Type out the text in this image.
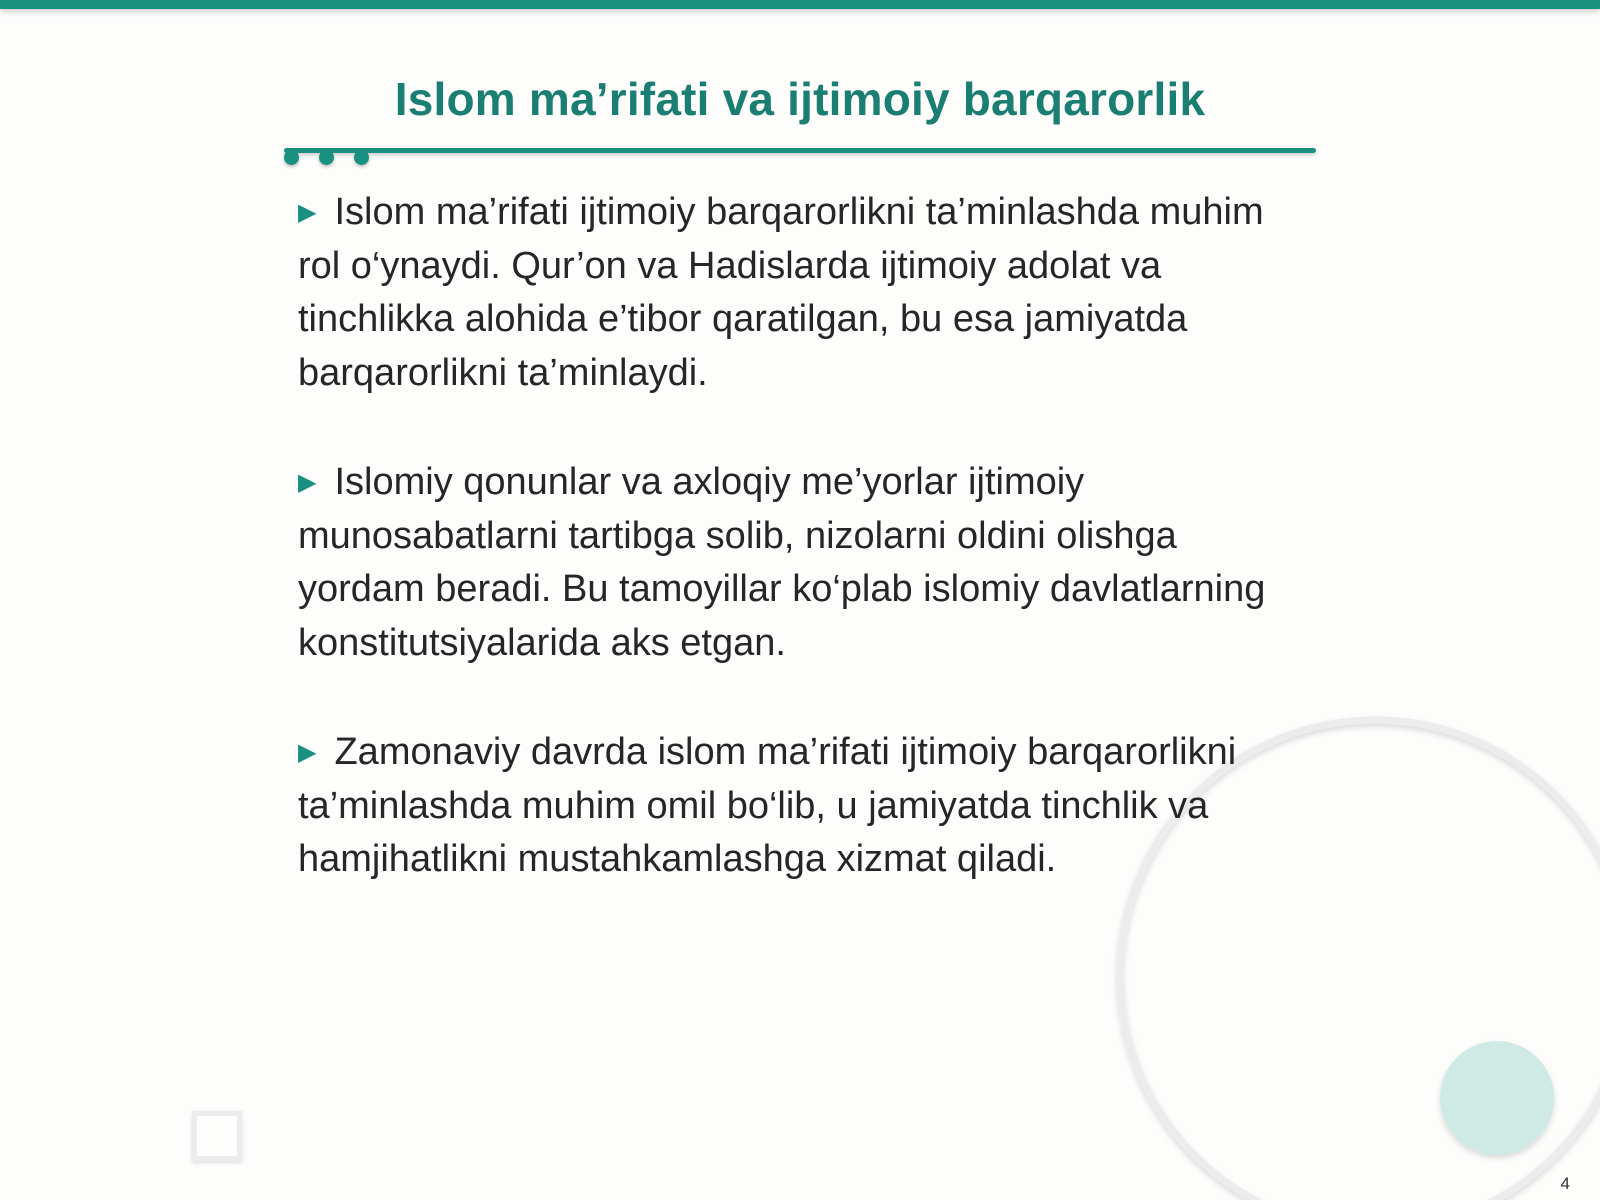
Islom ma’rifati va ijtimoiy barqarorlik

▶ Islom ma’rifati ijtimoiy barqarorlikni ta’minlashda muhim rol o‘ynaydi. Qur’on va Hadislarda ijtimoiy adolat va tinchlikka alohida e’tibor qaratilgan, bu esa jamiyatda barqarorlikni ta’minlaydi.

▶ Islomiy qonunlar va axloqiy me’yorlar ijtimoiy munosabatlarni tartibga solib, nizolarni oldini olishga yordam beradi. Bu tamoyillar ko‘plab islomiy davlatlarning konstitutsiyalarida aks etgan.

▶ Zamonaviy davrda islom ma’rifati ijtimoiy barqarorlikni ta’minlashda muhim omil bo‘lib, u jamiyatda tinchlik va hamjihatlikni mustahkamlashga xizmat qiladi.

4
